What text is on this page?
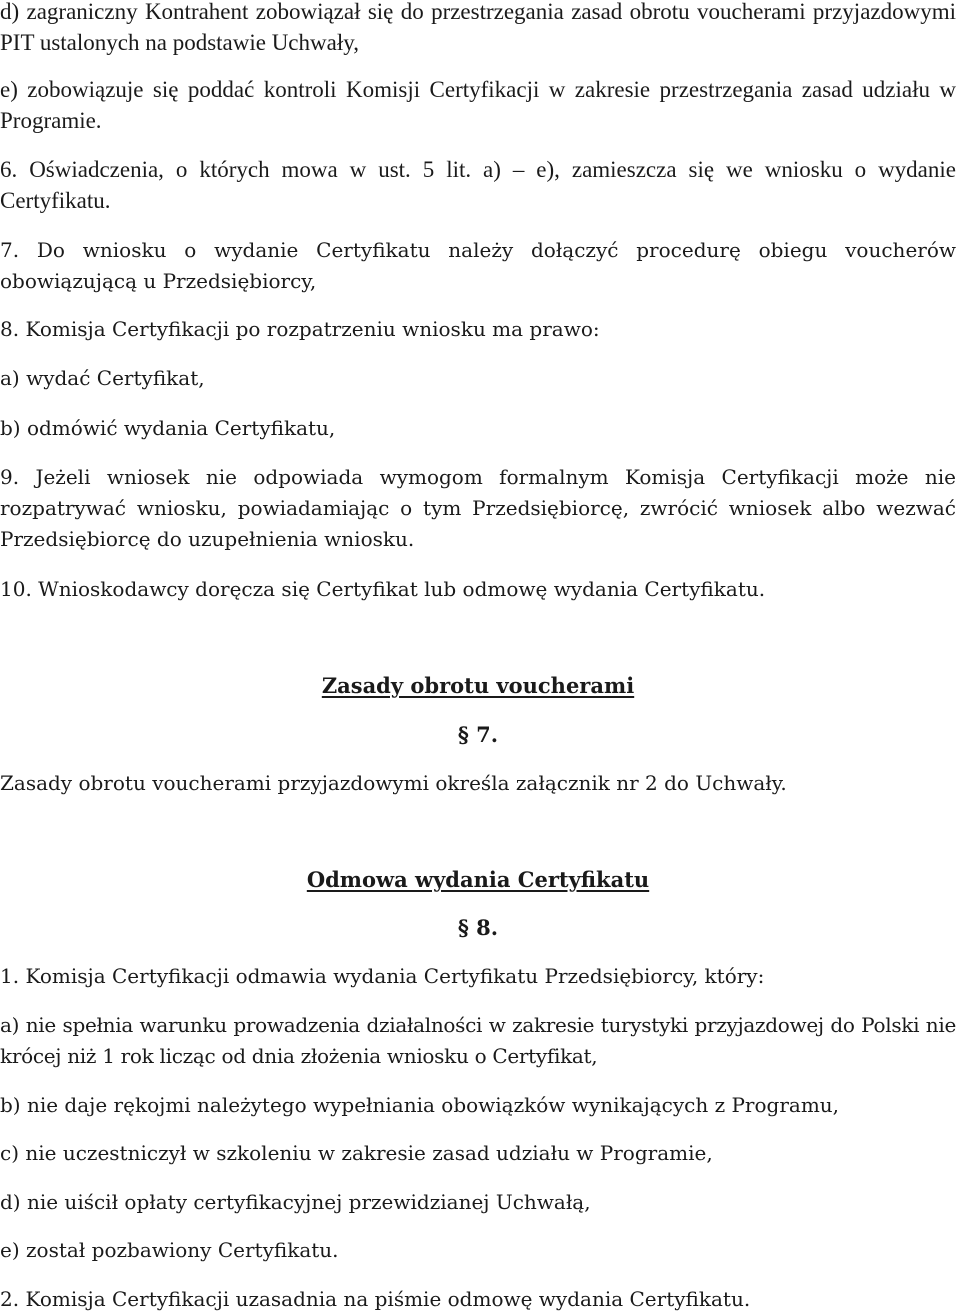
d) zagraniczny Kontrahent zobowiązał się do przestrzegania zasad obrotu voucherami przyjazdowymi PIT ustalonych na podstawie Uchwały,

e) zobowiązuje się poddać kontroli Komisji Certyfikacji w zakresie przestrzegania zasad udziału w Programie.

6. Oświadczenia, o których mowa w ust. 5 lit. a) – e), zamieszcza się we wniosku o wydanie Certyfikatu.

7. Do wniosku o wydanie Certyfikatu należy dołączyć procedurę obiegu voucherów obowiązującą u Przedsiębiorcy,

8. Komisja Certyfikacji po rozpatrzeniu wniosku ma prawo:

a) wydać Certyfikat,

b) odmówić wydania Certyfikatu,

9. Jeżeli wniosek nie odpowiada wymogom formalnym Komisja Certyfikacji może nie rozpatrywać wniosku, powiadamiając o tym Przedsiębiorcę, zwrócić wniosek albo wezwać Przedsiębiorcę do uzupełnienia wniosku.

10. Wnioskodawcy doręcza się Certyfikat lub odmowę wydania Certyfikatu.

Zasady obrotu voucherami

§ 7.

Zasady obrotu voucherami przyjazdowymi określa załącznik nr 2 do Uchwały.

Odmowa wydania Certyfikatu

§ 8.

1. Komisja Certyfikacji odmawia wydania Certyfikatu Przedsiębiorcy, który:

a) nie spełnia warunku prowadzenia działalności w zakresie turystyki przyjazdowej do Polski nie krócej niż 1 rok licząc od dnia złożenia wniosku o Certyfikat,

b) nie daje rękojmi należytego wypełniania obowiązków wynikających z Programu,

c) nie uczestniczył w szkoleniu w zakresie zasad udziału w Programie,

d) nie uiścił opłaty certyfikacyjnej przewidzianej Uchwałą,

e) został pozbawiony Certyfikatu.

2. Komisja Certyfikacji uzasadnia na piśmie odmowę wydania Certyfikatu.
